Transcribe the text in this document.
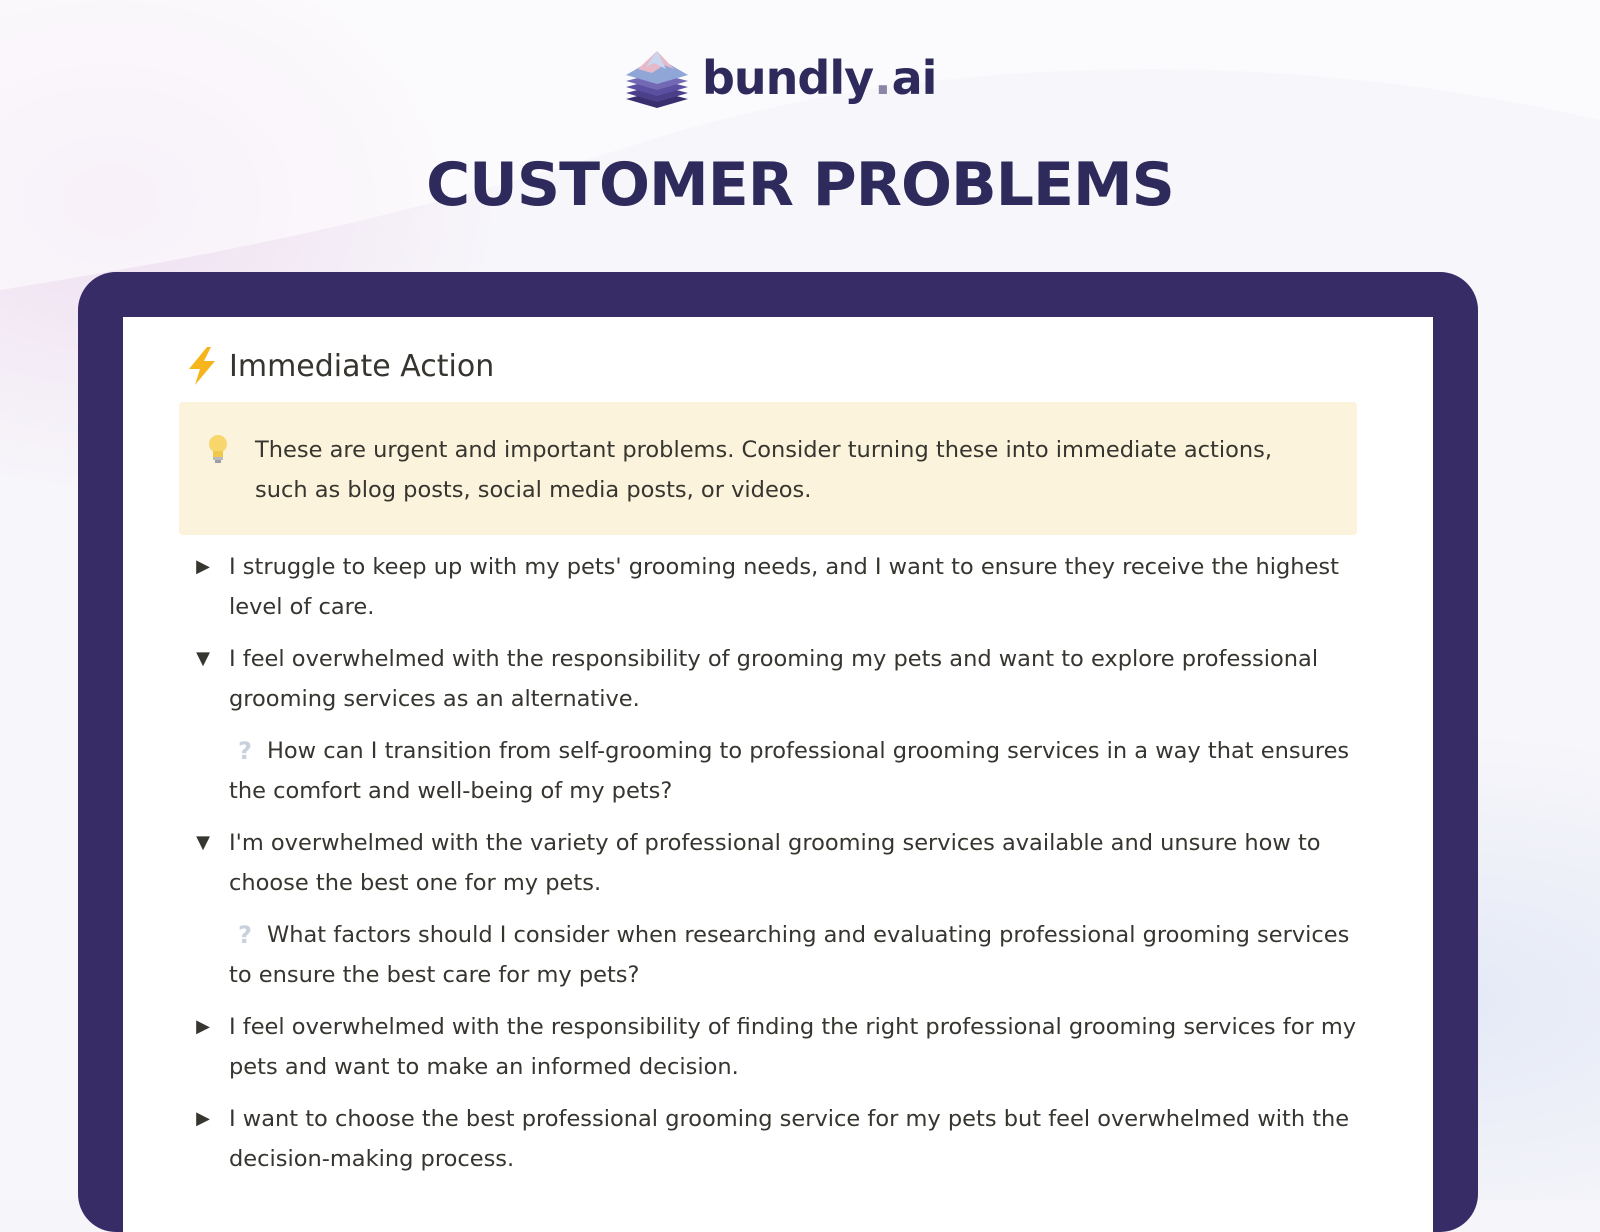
bundly . ai
CUSTOMER PROBLEMS
Immediate Action
These are urgent and important problems. Consider turning these into immediate actions, such as blog posts, social media posts, or videos.
▶ I struggle to keep up with my pets' grooming needs, and I want to ensure they receive the highest level of care.
▼ I feel overwhelmed with the responsibility of grooming my pets and want to explore professional grooming services as an alternative.
? How can I transition from self-grooming to professional grooming services in a way that ensures the comfort and well-being of my pets?
▼ I'm overwhelmed with the variety of professional grooming services available and unsure how to choose the best one for my pets.
? What factors should I consider when researching and evaluating professional grooming services to ensure the best care for my pets?
▶ I feel overwhelmed with the responsibility of finding the right professional grooming services for my pets and want to make an informed decision.
▶ I want to choose the best professional grooming service for my pets but feel overwhelmed with the decision-making process.
